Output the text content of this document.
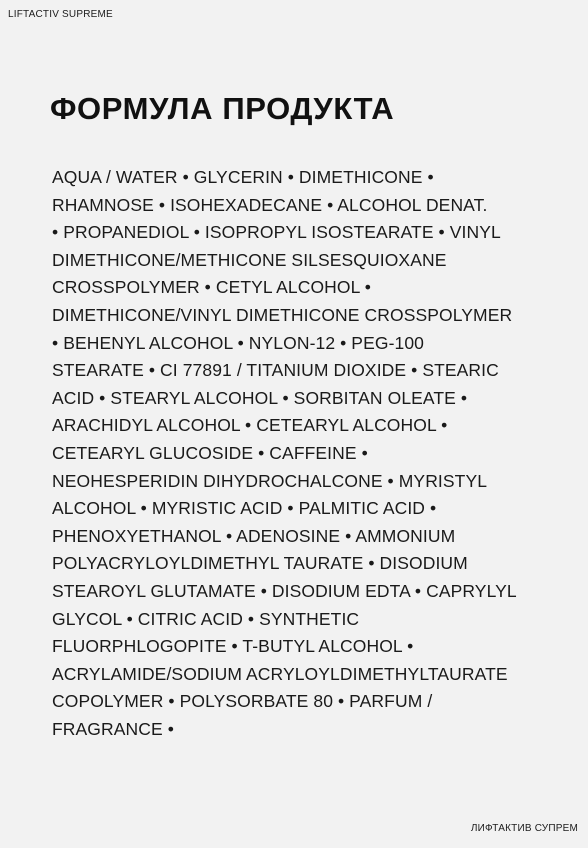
LIFTACTIV SUPREME
ФОРМУЛА ПРОДУКТА
AQUA / WATER • GLYCERIN • DIMETHICONE •
RHAMNOSE • ISOHEXADECANE • ALCOHOL DENAT.
• PROPANEDIOL • ISOPROPYL ISOSTEARATE • VINYL
DIMETHICONE/METHICONE SILSESQUIOXANE
CROSSPOLYMER • CETYL ALCOHOL •
DIMETHICONE/VINYL DIMETHICONE CROSSPOLYMER
• BEHENYL ALCOHOL • NYLON-12 • PEG-100
STEARATE • CI 77891 / TITANIUM DIOXIDE • STEARIC
ACID • STEARYL ALCOHOL • SORBITAN OLEATE •
ARACHIDYL ALCOHOL • CETEARYL ALCOHOL •
CETEARYL GLUCOSIDE • CAFFEINE •
NEOHESPERIDIN DIHYDROCHALCONE • MYRISTYL
ALCOHOL • MYRISTIC ACID • PALMITIC ACID •
PHENOXYETHANOL • ADENOSINE • AMMONIUM
POLYACRYLOYLDIMETHYL TAURATE • DISODIUM
STEAROYL GLUTAMATE • DISODIUM EDTA • CAPRYLYL
GLYCOL • CITRIC ACID • SYNTHETIC
FLUORPHLOGOPITE • T-BUTYL ALCOHOL •
ACRYLAMIDE/SODIUM ACRYLOYLDIMETHYLTAURATE
COPOLYMER • POLYSORBATE 80 • PARFUM /
FRAGRANCE •
ЛИФТАКТИВ СУПРЕМ
